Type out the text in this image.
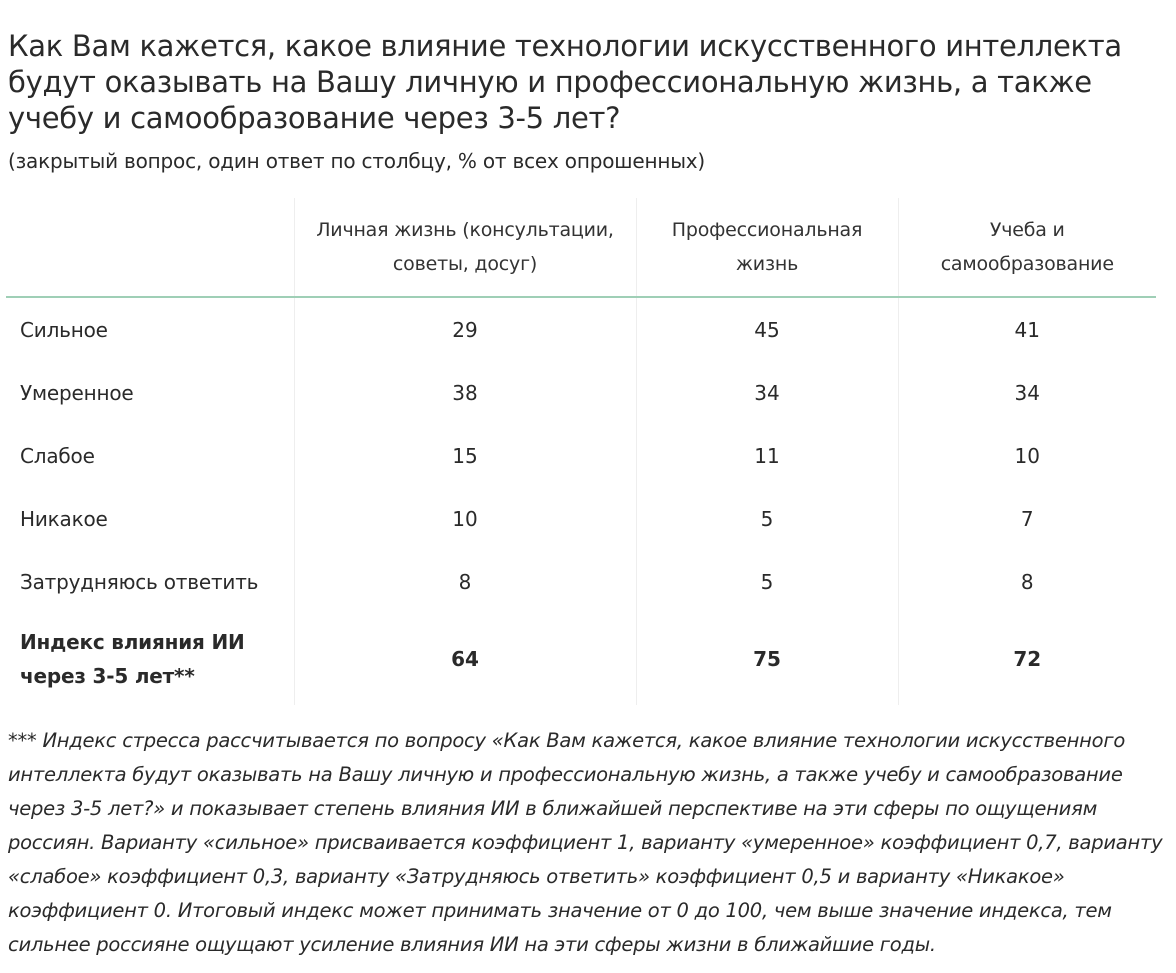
Как Вам кажется, какое влияние технологии искусственного интеллекта будут оказывать на Вашу личную и профессиональную жизнь, а также учебу и самообразование через 3-5 лет?
(закрытый вопрос, один ответ по столбцу, % от всех опрошенных)
	Личная жизнь (консультации, советы, досуг)	Профессиональная жизнь	Учеба и самообразование
Сильное	29	45	41
Умеренное	38	34	34
Слабое	15	11	10
Никакое	10	5	7
Затрудняюсь ответить	8	5	8
Индекс влияния ИИ через 3-5 лет**	64	75	72
*** Индекс стресса рассчитывается по вопросу «Как Вам кажется, какое влияние технологии искусственного интеллекта будут оказывать на Вашу личную и профессиональную жизнь, а также учебу и самообразование через 3-5 лет?» и показывает степень влияния ИИ в ближайшей перспективе на эти сферы по ощущениям россиян. Варианту «сильное» присваивается коэффициент 1, варианту «умеренное» коэффициент 0,7, варианту «слабое» коэффициент 0,3, варианту «Затрудняюсь ответить» коэффициент 0,5 и варианту «Никакое» коэффициент 0. Итоговый индекс может принимать значение от 0 до 100, чем выше значение индекса, тем сильнее россияне ощущают усиление влияния ИИ на эти сферы жизни в ближайшие годы.
